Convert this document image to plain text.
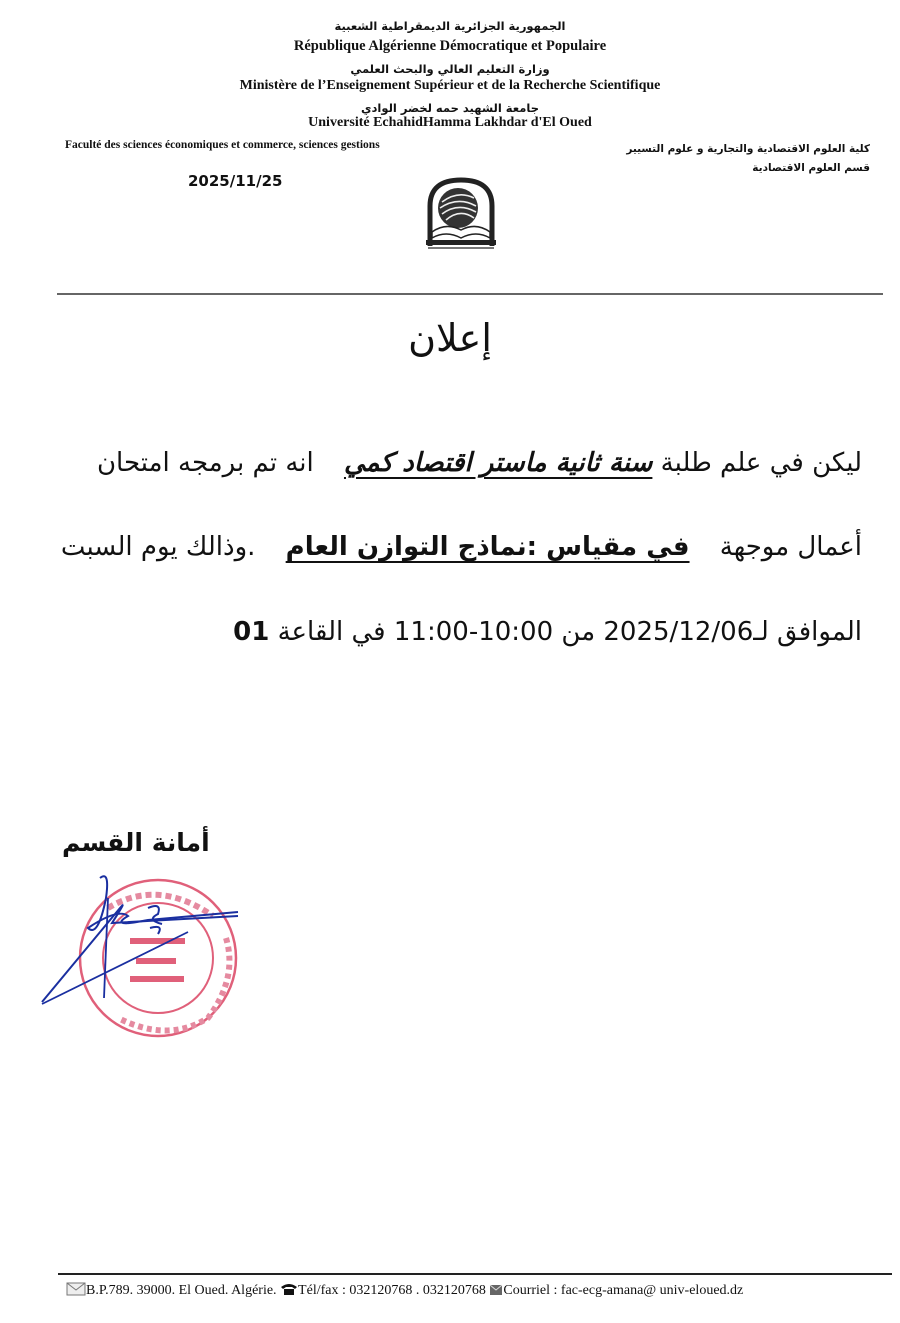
الجمهورية الجزائرية الديمقراطية الشعبية
République Algérienne Démocratique et Populaire
وزارة التعليم العالي والبحث العلمي
Ministère de l’Enseignement Supérieur et de la Recherche Scientifique
جامعة الشهيد حمه لخضر الوادي
Université EchahidHamma Lakhdar d'El Oued
Faculté des sciences économiques et commerce, sciences gestions
2025/11/25
كلية العلوم الاقتصادية والتجارية و علوم التسيير
قسم العلوم الاقتصادية
إعلان
ليكن في علم طلبة سنة ثانية ماستر اقتصاد كمي انه تم برمجه امتحان
أعمال موجهة في مقياس :نماذج التوازن العام .وذالك يوم السبت
الموافق لـ2025/12/06 من 10:00-11:00 في القاعة 01
أمانة القسم
B.P.789. 39000. El Oued. Algérie. Tél/fax : 032120768 . 032120768 Courriel : fac-ecg-amana@ univ-eloued.dz
